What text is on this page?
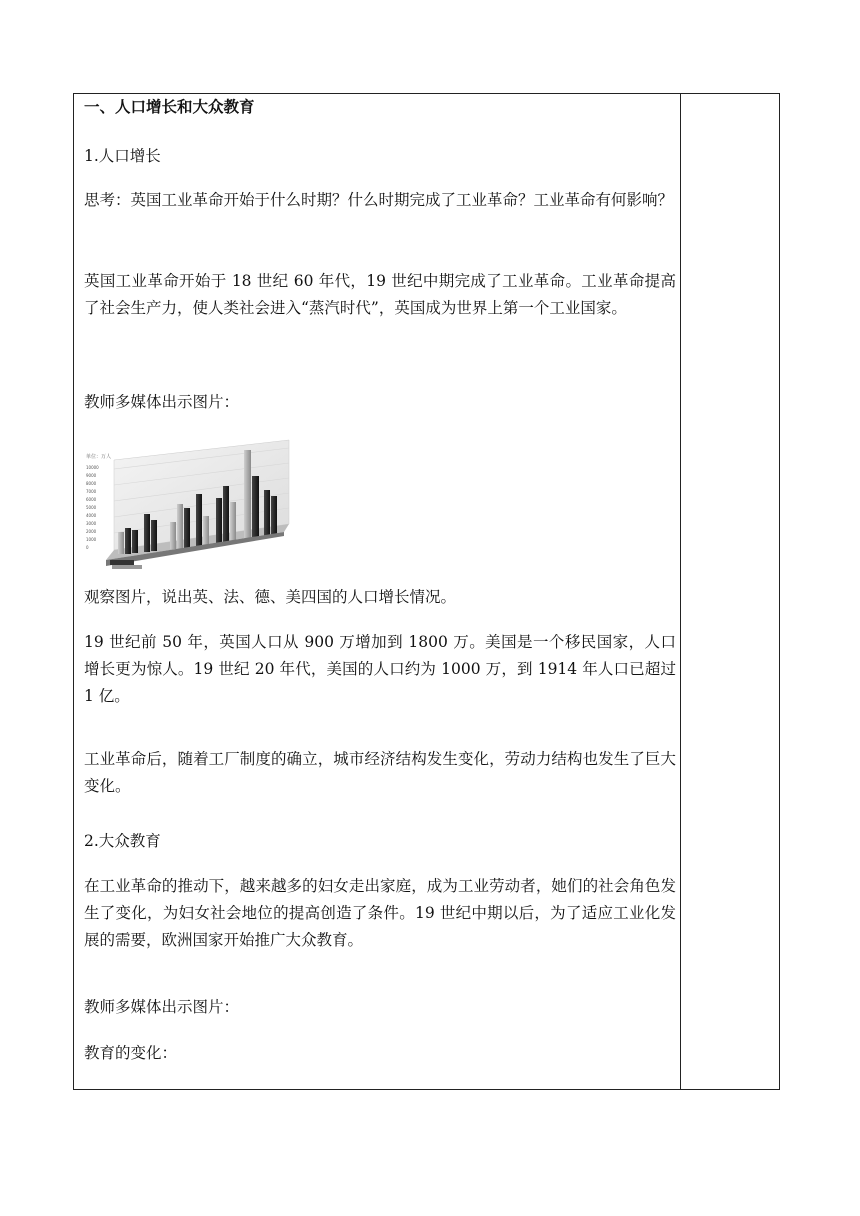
一、人口增长和大众教育
1.人口增长
思考：英国工业革命开始于什么时期？什么时期完成了工业革命？工业革命有何影响？
英国工业革命开始于 18 世纪 60 年代，19 世纪中期完成了工业革命。工业革命提高了社会生产力，使人类社会进入“蒸汽时代”，英国成为世界上第一个工业国家。
教师多媒体出示图片：
单位：万人
10000
9000
8000
7000
6000
5000
4000
3000
2000
1000
0
观察图片，说出英、法、德、美四国的人口增长情况。
19 世纪前 50 年，英国人口从 900 万增加到 1800 万。美国是一个移民国家，人口增长更为惊人。19 世纪 20 年代，美国的人口约为 1000 万，到 1914 年人口已超过 1 亿。
工业革命后，随着工厂制度的确立，城市经济结构发生变化，劳动力结构也发生了巨大变化。
2.大众教育
在工业革命的推动下，越来越多的妇女走出家庭，成为工业劳动者，她们的社会角色发生了变化，为妇女社会地位的提高创造了条件。19 世纪中期以后，为了适应工业化发展的需要，欧洲国家开始推广大众教育。
教师多媒体出示图片：
教育的变化：
